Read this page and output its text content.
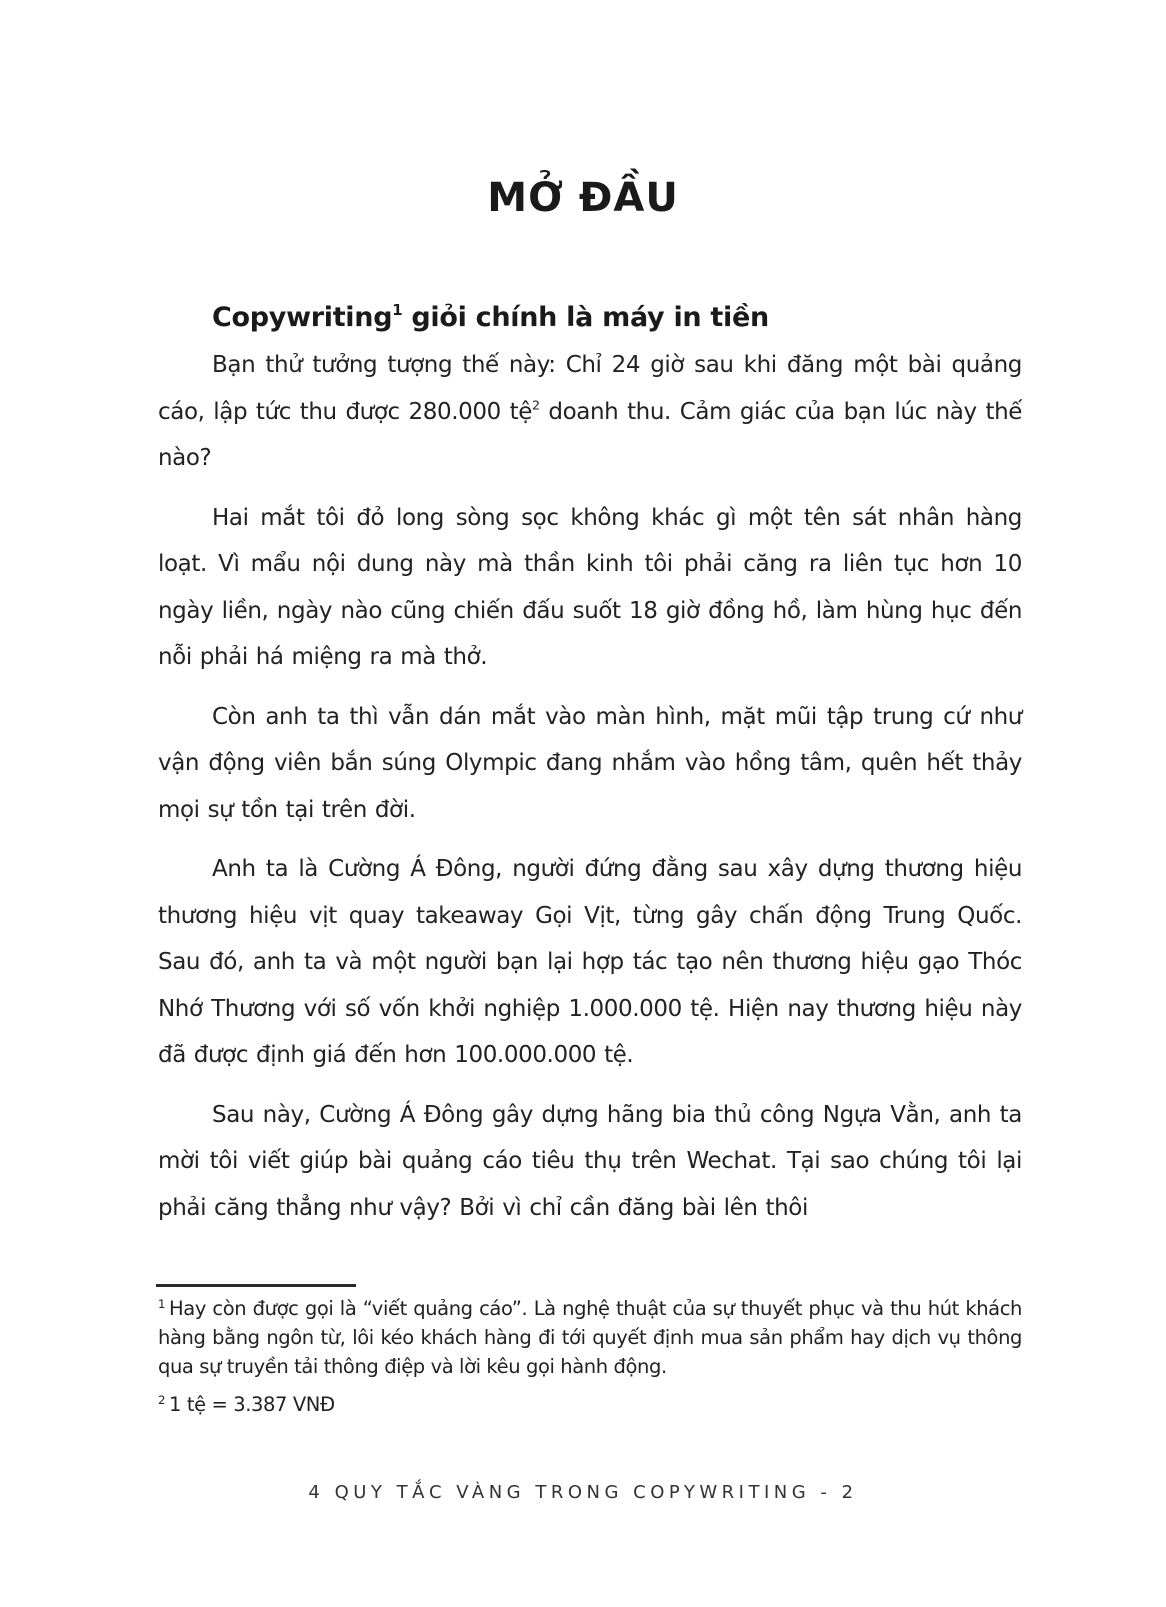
MỞ ĐẦU
Copywriting$^1$ giỏi chính là máy in tiền

Bạn thử tưởng tượng thế này: Chỉ 24 giờ sau khi đăng một bài quảng cáo, lập tức thu được 280.000 tệ$^2$ doanh thu. Cảm giác của bạn lúc này thế nào?

Hai mắt tôi đỏ long sòng sọc không khác gì một tên sát nhân hàng loạt. Vì mẩu nội dung này mà thần kinh tôi phải căng ra liên tục hơn 10 ngày liền, ngày nào cũng chiến đấu suốt 18 giờ đồng hồ, làm hùng hục đến nỗi phải há miệng ra mà thở.

Còn anh ta thì vẫn dán mắt vào màn hình, mặt mũi tập trung cứ như vận động viên bắn súng Olympic đang nhắm vào hồng tâm, quên hết thảy mọi sự tồn tại trên đời.

Anh ta là Cường Á Đông, người đứng đằng sau xây dựng thương hiệu thương hiệu vịt quay takeaway Gọi Vịt, từng gây chấn động Trung Quốc. Sau đó, anh ta và một người bạn lại hợp tác tạo nên thương hiệu gạo Thóc Nhớ Thương với số vốn khởi nghiệp 1.000.000 tệ. Hiện nay thương hiệu này đã được định giá đến hơn 100.000.000 tệ.

Sau này, Cường Á Đông gây dựng hãng bia thủ công Ngựa Vằn, anh ta mời tôi viết giúp bài quảng cáo tiêu thụ trên Wechat. Tại sao chúng tôi lại phải căng thẳng như vậy? Bởi vì chỉ cần đăng bài lên thôi

$^1$ Hay còn được gọi là “viết quảng cáo”. Là nghệ thuật của sự thuyết phục và thu hút khách hàng bằng ngôn từ, lôi kéo khách hàng đi tới quyết định mua sản phẩm hay dịch vụ thông qua sự truyền tải thông điệp và lời kêu gọi hành động.

$^2$ 1 tệ = 3.387 VNĐ

4 QUY TẮC VÀNG TRONG COPYWRITING - 2
